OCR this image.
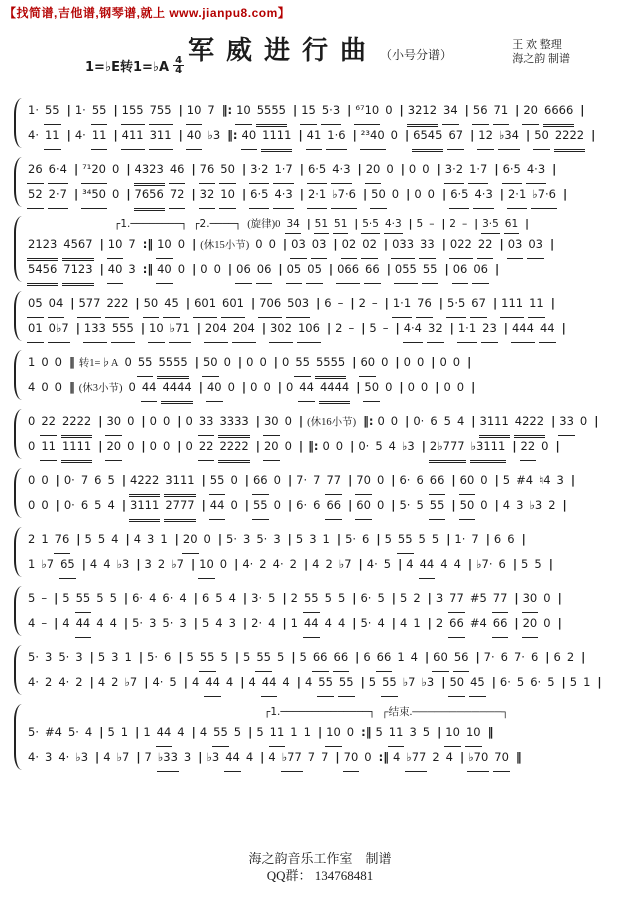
【找简谱,吉他谱,钢琴谱,就上 www.jianpu8.com】
军威进行曲 （小号分谱）
王 欢 整理
海之韵 制谱
1=♭E转1=♭A $\frac{4}{4}$
1· 55 | 1· 55 | 155 755 | 10 7 ‖: 10 5555 | 15 5·3 | ⁶⁷10 0 | 3212 34 | 56 71 | 20 6666 |
4· 11 | 4· 11 | 411 311 | 40 ♭3 ‖: 40 1111 | 41 1·6 | ²³40 0 | 6545 67 | 12 ♭34 | 50 2222 |
26 6·4 | ⁷¹20 0 | 4323 46 | 76 50 | 3·2 1·7 | 6·5 4·3 | 20 0 | 0 0 | 3·2 1·7 | 6·5 4·3 |
52 2·7 | ³⁴50 0 | 7656 72 | 32 10 | 6·5 4·3 | 2·1 ♭7·6 | 50 0 | 0 0 | 6·5 4·3 | 2·1 ♭7·6 |
┌1.────────┐ ┌2.────┐ (旋律)0 34 | 51 51 | 5·5 4·3 | 5 – | 2 – | 3·5 61 |
2123 4567 | 10 7 :‖ 10 0 | (休15小节) 0 0 | 03 03 | 02 02 | 033 33 | 022 22 | 03 03 |
5456 7123 | 40 3 :‖ 40 0 | 0 0 | 06 06 | 05 05 | 066 66 | 055 55 | 06 06 |
05 04 | 577 222 | 50 45 | 601 601 | 706 503 | 6 – | 2 – | 1·1 76 | 5·5 67 | 111 11 |
01 0♭7 | 133 555 | 10 ♭71 | 204 204 | 302 106 | 2 – | 5 – | 4·4 32 | 1·1 23 | 444 44 |
1 0 0 ‖ 转1=♭A 0 55 5555 | 50 0 | 0 0 | 0 55 5555 | 60 0 | 0 0 | 0 0 |
4 0 0 ‖ (休3小节) 0 44 4444 | 40 0 | 0 0 | 0 44 4444 | 50 0 | 0 0 | 0 0 |
0 22 2222 | 30 0 | 0 0 | 0 33 3333 | 30 0 | (休16小节) ‖: 0 0 | 0· 6 5 4 | 3111 4222 | 33 0 |
0 11 1111 | 20 0 | 0 0 | 0 22 2222 | 20 0 | ‖: 0 0 | 0· 5 4 ♭3 | 2♭777 ♭3111 | 22 0 |
0 0 | 0· 7 6 5 | 4222 3111 | 55 0 | 66 0 | 7· 7 77 | 70 0 | 6· 6 66 | 60 0 | 5 #4 ♮4 3 |
0 0 | 0· 6 5 4 | 3111 2777 | 44 0 | 55 0 | 6· 6 66 | 60 0 | 5· 5 55 | 50 0 | 4 3 ♭3 2 |
2 1 76 | 5 5 4 | 4 3 1 | 20 0 | 5· 3 5· 3 | 5 3 1 | 5· 6 | 5 55 5 5 | 1· 7 | 6 6 |
1 ♭7 65 | 4 4 ♭3 | 3 2 ♭7 | 10 0 | 4· 2 4· 2 | 4 2 ♭7 | 4· 5 | 4 44 4 4 | ♭7· 6 | 5 5 |
5 – | 5 55 5 5 | 6· 4 6· 4 | 6 5 4 | 3· 5 | 2 55 5 5 | 6· 5 | 5 2 | 3 77 #5 77 | 30 0 |
4 – | 4 44 4 4 | 5· 3 5· 3 | 5 4 3 | 2· 4 | 1 44 4 4 | 5· 4 | 4 1 | 2 66 #4 66 | 20 0 |
5· 3 5· 3 | 5 3 1 | 5· 6 | 5 55 5 | 5 55 5 | 5 66 66 | 6 66 1 4 | 60 56 | 7· 6 7· 6 | 6 2 |
4· 2 4· 2 | 4 2 ♭7 | 4· 5 | 4 44 4 | 4 44 4 | 4 55 55 | 5 55 ♭7 ♭3 | 50 45 | 6· 5 6· 5 | 5 1 |
┌1.──────────────┐ ┌结束.────────────┐
5· #4 5· 4 | 5 1 | 1 44 4 | 4 55 5 | 5 11 1 1 | 10 0 :‖ 5 11 3 5 | 10 10 ‖
4· 3 4· ♭3 | 4 ♭7 | 7 ♭33 3 | ♭3 44 4 | 4 ♭77 7 7 | 70 0 :‖ 4 ♭77 2 4 | ♭70 70 ‖
海之韵音乐工作室　制谱
QQ群： 134768481
